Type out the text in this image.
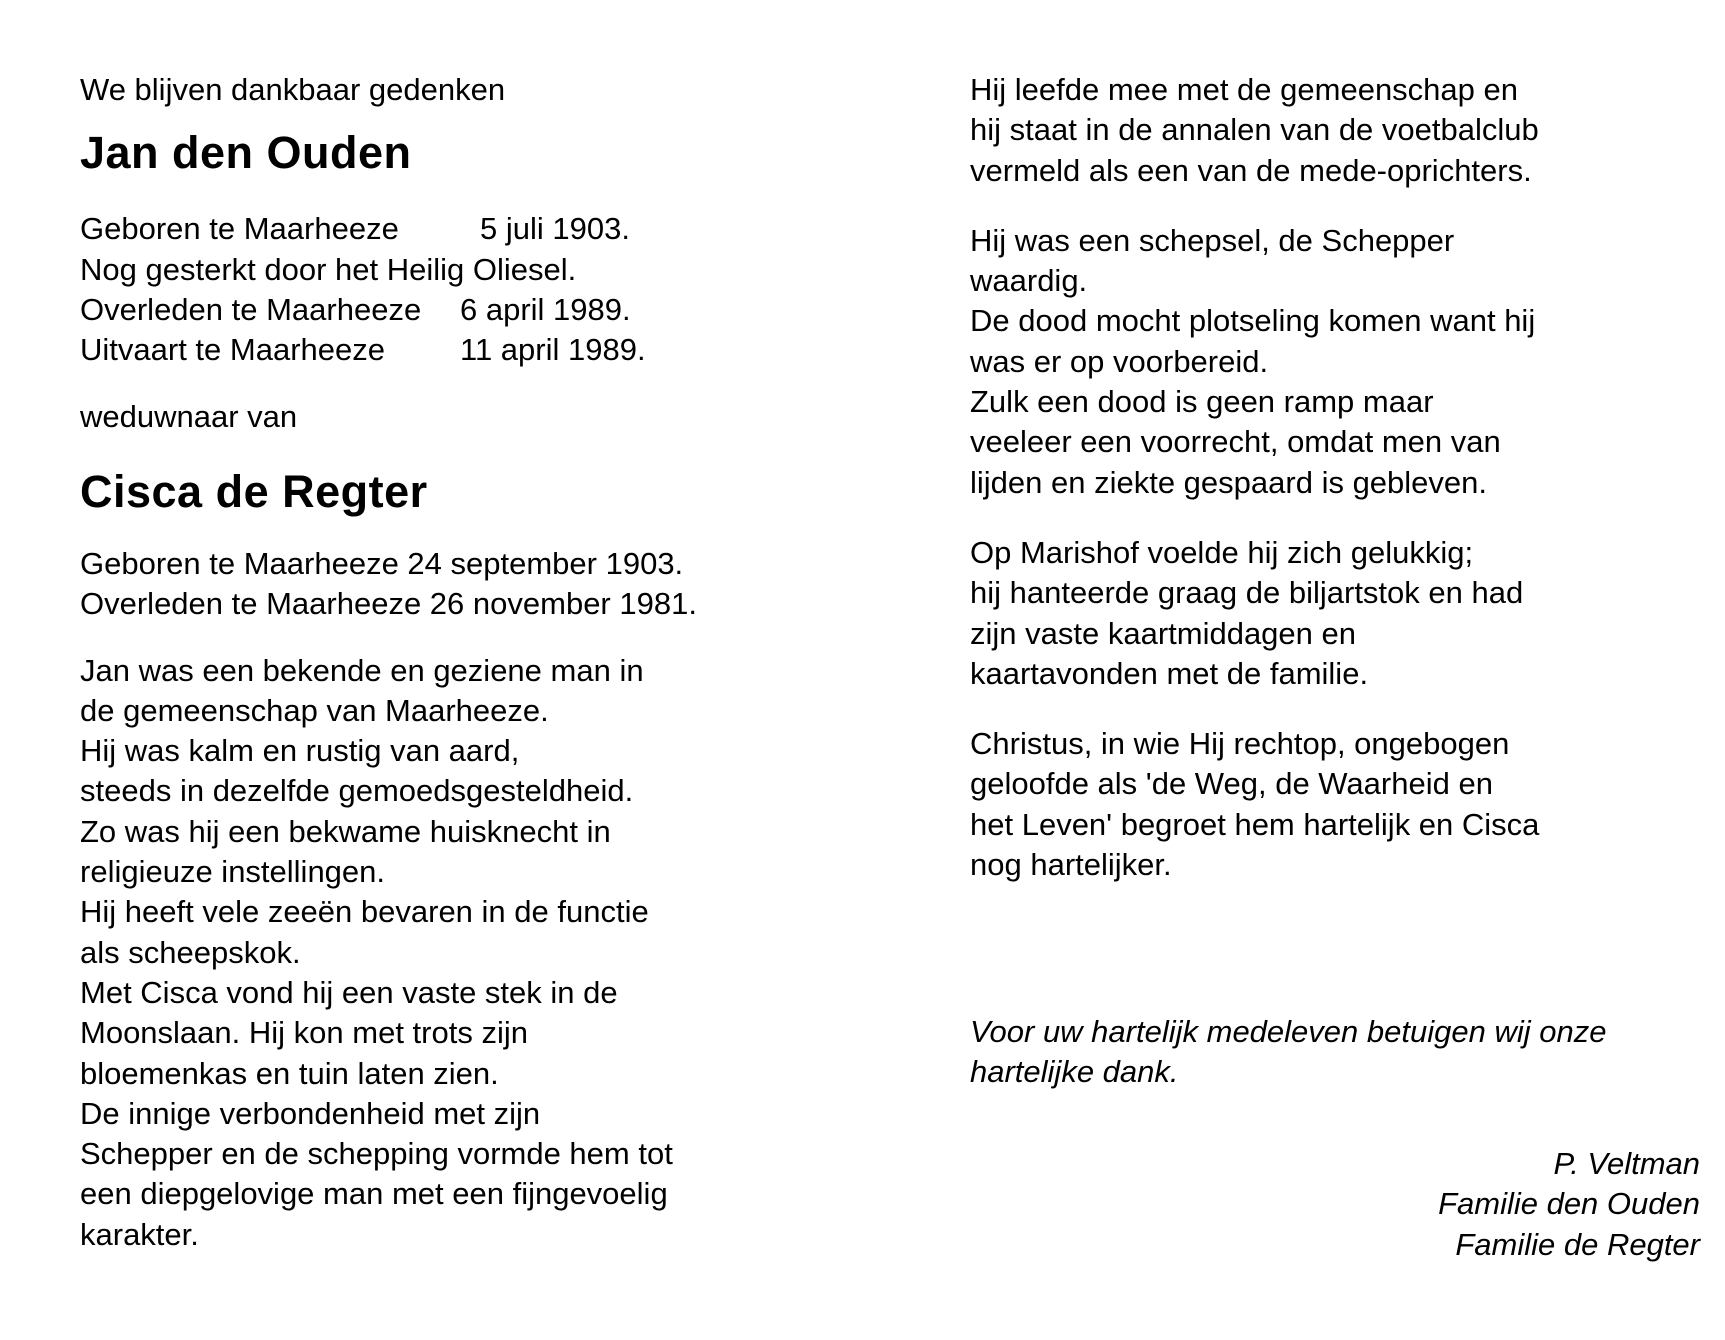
We blijven dankbaar gedenken

Jan den Ouden
Geboren te Maarheeze	5 juli 1903.
Nog gesterkt door het Heilig Oliesel.
Overleden te Maarheeze	6 april 1989.
Uitvaart te Maarheeze	11 april 1989.

weduwnaar van

Cisca de Regter
Geboren te Maarheeze 24 september 1903.
Overleden te Maarheeze 26 november 1981.
Jan was een bekende en geziene man in
de gemeenschap van Maarheeze.
Hij was kalm en rustig van aard,
steeds in dezelfde gemoedsgesteldheid.
Zo was hij een bekwame huisknecht in
religieuze instellingen.
Hij heeft vele zeeën bevaren in de functie
als scheepskok.
Met Cisca vond hij een vaste stek in de
Moonslaan. Hij kon met trots zijn
bloemenkas en tuin laten zien.
De innige verbondenheid met zijn
Schepper en de schepping vormde hem tot
een diepgelovige man met een fijngevoelig
karakter.
Hij leefde mee met de gemeenschap en
hij staat in de annalen van de voetbalclub
vermeld als een van de mede-oprichters.
Hij was een schepsel, de Schepper
waardig.
De dood mocht plotseling komen want hij
was er op voorbereid.
Zulk een dood is geen ramp maar
veeleer een voorrecht, omdat men van
lijden en ziekte gespaard is gebleven.
Op Marishof voelde hij zich gelukkig;
hij hanteerde graag de biljartstok en had
zijn vaste kaartmiddagen en
kaartavonden met de familie.
Christus, in wie Hij rechtop, ongebogen
geloofde als 'de Weg, de Waarheid en
het Leven' begroet hem hartelijk en Cisca
nog hartelijker.
Voor uw hartelijk medeleven betuigen wij onze hartelijke dank.
P. Veltman
Familie den Ouden
Familie de Regter
